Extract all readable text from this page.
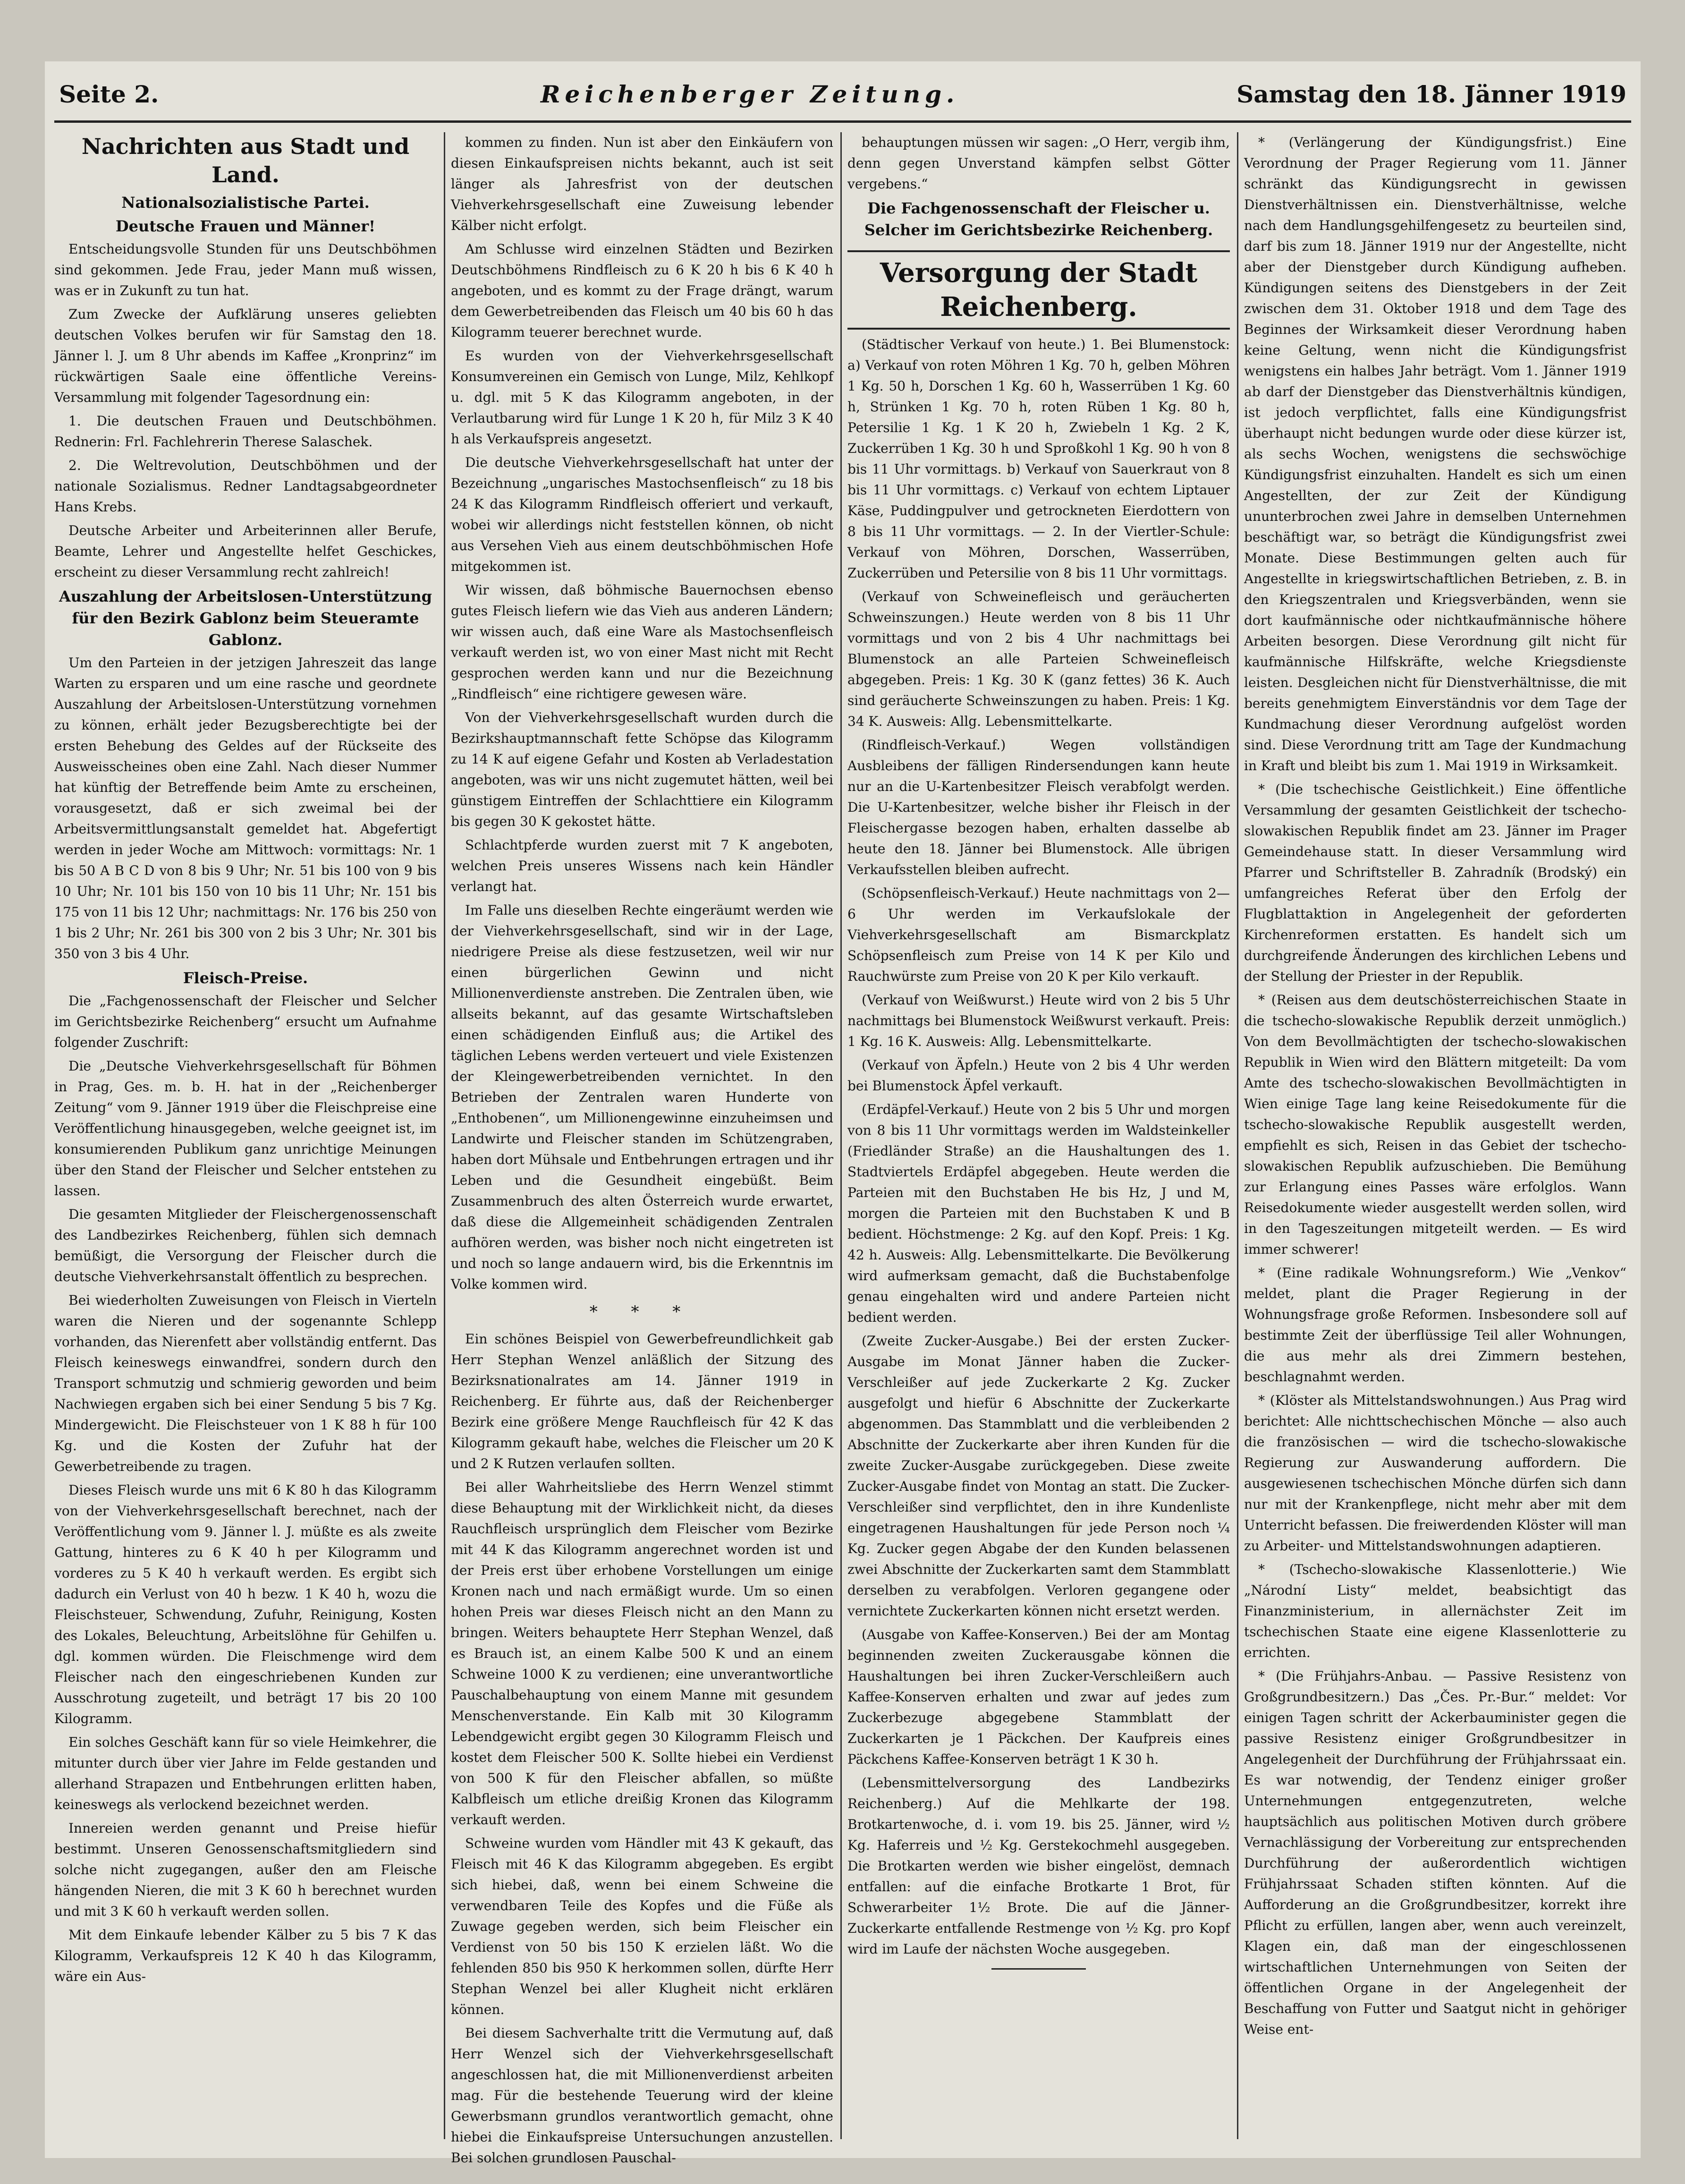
Seite 2.	Reichenberger Zeitung.	Samstag den 18. Jänner 1919
Nachrichten aus Stadt und Land.
Nationalsozialistische Partei.
Deutsche Frauen und Männer!

Entscheidungsvolle Stunden für uns Deutschböhmen sind gekommen. Jede Frau, jeder Mann muß wissen, was er in Zukunft zu tun hat.

Zum Zwecke der Aufklärung unseres geliebten deutschen Volkes berufen wir für Samstag den 18. Jänner l. J. um 8 Uhr abends im Kaffee „Kronprinz“ im rückwärtigen Saale eine öffentliche Vereins-Versammlung mit folgender Tagesordnung ein:

1. Die deutschen Frauen und Deutschböhmen. Rednerin: Frl. Fachlehrerin Therese Salaschek.

2. Die Weltrevolution, Deutschböhmen und der nationale Sozialismus. Redner Landtagsabgeordneter Hans Krebs.

Deutsche Arbeiter und Arbeiterinnen aller Berufe, Beamte, Lehrer und Angestellte helfet Geschickes, erscheint zu dieser Versammlung recht zahlreich!

Auszahlung der Arbeitslosen-Unterstützung für den Bezirk Gablonz beim Steueramte Gablonz.

Um den Parteien in der jetzigen Jahreszeit das lange Warten zu ersparen und um eine rasche und geordnete Auszahlung der Arbeitslosen-Unterstützung vornehmen zu können, erhält jeder Bezugsberechtigte bei der ersten Behebung des Geldes auf der Rückseite des Ausweisscheines oben eine Zahl. Nach dieser Nummer hat künftig der Betreffende beim Amte zu erscheinen, vorausgesetzt, daß er sich zweimal bei der Arbeitsvermittlungsanstalt gemeldet hat. Abgefertigt werden in jeder Woche am Mittwoch: vormittags: Nr. 1 bis 50 A B C D von 8 bis 9 Uhr; Nr. 51 bis 100 von 9 bis 10 Uhr; Nr. 101 bis 150 von 10 bis 11 Uhr; Nr. 151 bis 175 von 11 bis 12 Uhr; nachmittags: Nr. 176 bis 250 von 1 bis 2 Uhr; Nr. 261 bis 300 von 2 bis 3 Uhr; Nr. 301 bis 350 von 3 bis 4 Uhr.

Fleisch-Preise.

Die „Fachgenossenschaft der Fleischer und Selcher im Gerichtsbezirke Reichenberg“ ersucht um Aufnahme folgender Zuschrift:

Die „Deutsche Viehverkehrsgesellschaft für Böhmen in Prag, Ges. m. b. H. hat in der „Reichenberger Zeitung“ vom 9. Jänner 1919 über die Fleischpreise eine Veröffentlichung hinausgegeben, welche geeignet ist, im konsumierenden Publikum ganz unrichtige Meinungen über den Stand der Fleischer und Selcher entstehen zu lassen.

Die gesamten Mitglieder der Fleischergenossenschaft des Landbezirkes Reichenberg, fühlen sich demnach bemüßigt, die Versorgung der Fleischer durch die deutsche Viehverkehrsanstalt öffentlich zu besprechen.

Bei wiederholten Zuweisungen von Fleisch in Vierteln waren die Nieren und der sogenannte Schlepp vorhanden, das Nierenfett aber vollständig entfernt. Das Fleisch keineswegs einwandfrei, sondern durch den Transport schmutzig und schmierig geworden und beim Nachwiegen ergaben sich bei einer Sendung 5 bis 7 Kg. Mindergewicht. Die Fleischsteuer von 1 K 88 h für 100 Kg. und die Kosten der Zufuhr hat der Gewerbetreibende zu tragen.

Dieses Fleisch wurde uns mit 6 K 80 h das Kilogramm von der Viehverkehrsgesellschaft berechnet, nach der Veröffentlichung vom 9. Jänner l. J. müßte es als zweite Gattung, hinteres zu 6 K 40 h per Kilogramm und vorderes zu 5 K 40 h verkauft werden. Es ergibt sich dadurch ein Verlust von 40 h bezw. 1 K 40 h, wozu die Fleischsteuer, Schwendung, Zufuhr, Reinigung, Kosten des Lokales, Beleuchtung, Arbeitslöhne für Gehilfen u. dgl. kommen würden. Die Fleischmenge wird dem Fleischer nach den eingeschriebenen Kunden zur Ausschrotung zugeteilt, und beträgt 17 bis 20 100 Kilogramm.

Ein solches Geschäft kann für so viele Heimkehrer, die mitunter durch über vier Jahre im Felde gestanden und allerhand Strapazen und Entbehrungen erlitten haben, keineswegs als verlockend bezeichnet werden.

Innereien werden genannt und Preise hiefür bestimmt. Unseren Genossenschaftsmitgliedern sind solche nicht zugegangen, außer den am Fleische hängenden Nieren, die mit 3 K 60 h berechnet wurden und mit 3 K 60 h verkauft werden sollen.

Mit dem Einkaufe lebender Kälber zu 5 bis 7 K das Kilogramm, Verkaufspreis 12 K 40 h das Kilogramm, wäre ein Aus-

kommen zu finden. Nun ist aber den Einkäufern von diesen Einkaufspreisen nichts bekannt, auch ist seit länger als Jahresfrist von der deutschen Viehverkehrsgesellschaft eine Zuweisung lebender Kälber nicht erfolgt.

Am Schlusse wird einzelnen Städten und Bezirken Deutschböhmens Rindfleisch zu 6 K 20 h bis 6 K 40 h angeboten, und es kommt zu der Frage drängt, warum dem Gewerbetreibenden das Fleisch um 40 bis 60 h das Kilogramm teuerer berechnet wurde.

Es wurden von der Viehverkehrsgesellschaft Konsumvereinen ein Gemisch von Lunge, Milz, Kehlkopf u. dgl. mit 5 K das Kilogramm angeboten, in der Verlautbarung wird für Lunge 1 K 20 h, für Milz 3 K 40 h als Verkaufspreis angesetzt.

Die deutsche Viehverkehrsgesellschaft hat unter der Bezeichnung „ungarisches Mastochsenfleisch“ zu 18 bis 24 K das Kilogramm Rindfleisch offeriert und verkauft, wobei wir allerdings nicht feststellen können, ob nicht aus Versehen Vieh aus einem deutschböhmischen Hofe mitgekommen ist.

Wir wissen, daß böhmische Bauernochsen ebenso gutes Fleisch liefern wie das Vieh aus anderen Ländern; wir wissen auch, daß eine Ware als Mastochsenfleisch verkauft werden ist, wo von einer Mast nicht mit Recht gesprochen werden kann und nur die Bezeichnung „Rindfleisch“ eine richtigere gewesen wäre.

Von der Viehverkehrsgesellschaft wurden durch die Bezirkshauptmannschaft fette Schöpse das Kilogramm zu 14 K auf eigene Gefahr und Kosten ab Verladestation angeboten, was wir uns nicht zugemutet hätten, weil bei günstigem Eintreffen der Schlachttiere ein Kilogramm bis gegen 30 K gekostet hätte.

Schlachtpferde wurden zuerst mit 7 K angeboten, welchen Preis unseres Wissens nach kein Händler verlangt hat.

Im Falle uns dieselben Rechte eingeräumt werden wie der Viehverkehrsgesellschaft, sind wir in der Lage, niedrigere Preise als diese festzusetzen, weil wir nur einen bürgerlichen Gewinn und nicht Millionenverdienste anstreben. Die Zentralen üben, wie allseits bekannt, auf das gesamte Wirtschaftsleben einen schädigenden Einfluß aus; die Artikel des täglichen Lebens werden verteuert und viele Existenzen der Kleingewerbetreibenden vernichtet. In den Betrieben der Zentralen waren Hunderte von „Enthobenen“, um Millionengewinne einzuheimsen und Landwirte und Fleischer standen im Schützengraben, haben dort Mühsale und Entbehrungen ertragen und ihr Leben und die Gesundheit eingebüßt. Beim Zusammenbruch des alten Österreich wurde erwartet, daß diese die Allgemeinheit schädigenden Zentralen aufhören werden, was bisher noch nicht eingetreten ist und noch so lange andauern wird, bis die Erkenntnis im Volke kommen wird.

* * *

Ein schönes Beispiel von Gewerbefreundlichkeit gab Herr Stephan Wenzel anläßlich der Sitzung des Bezirksnationalrates am 14. Jänner 1919 in Reichenberg. Er führte aus, daß der Reichenberger Bezirk eine größere Menge Rauchfleisch für 42 K das Kilogramm gekauft habe, welches die Fleischer um 20 K und 2 K Rutzen verlaufen sollten.

Bei aller Wahrheitsliebe des Herrn Wenzel stimmt diese Behauptung mit der Wirklichkeit nicht, da dieses Rauchfleisch ursprünglich dem Fleischer vom Bezirke mit 44 K das Kilogramm angerechnet worden ist und der Preis erst über erhobene Vorstellungen um einige Kronen nach und nach ermäßigt wurde. Um so einen hohen Preis war dieses Fleisch nicht an den Mann zu bringen. Weiters behauptete Herr Stephan Wenzel, daß es Brauch ist, an einem Kalbe 500 K und an einem Schweine 1000 K zu verdienen; eine unverantwortliche Pauschalbehauptung von einem Manne mit gesundem Menschenverstande. Ein Kalb mit 30 Kilogramm Lebendgewicht ergibt gegen 30 Kilogramm Fleisch und kostet dem Fleischer 500 K. Sollte hiebei ein Verdienst von 500 K für den Fleischer abfallen, so müßte Kalbfleisch um etliche dreißig Kronen das Kilogramm verkauft werden.

Schweine wurden vom Händler mit 43 K gekauft, das Fleisch mit 46 K das Kilogramm abgegeben. Es ergibt sich hiebei, daß, wenn bei einem Schweine die verwendbaren Teile des Kopfes und die Füße als Zuwage gegeben werden, sich beim Fleischer ein Verdienst von 50 bis 150 K erzielen läßt. Wo die fehlenden 850 bis 950 K herkommen sollen, dürfte Herr Stephan Wenzel bei aller Klugheit nicht erklären können.

Bei diesem Sachverhalte tritt die Vermutung auf, daß Herr Wenzel sich der Viehverkehrsgesellschaft angeschlossen hat, die mit Millionenverdienst arbeiten mag. Für die bestehende Teuerung wird der kleine Gewerbsmann grundlos verantwortlich gemacht, ohne hiebei die Einkaufspreise Untersuchungen anzustellen. Bei solchen grundlosen Pauschal-

behauptungen müssen wir sagen: „O Herr, vergib ihm, denn gegen Unverstand kämpfen selbst Götter vergebens.“

Die Fachgenossenschaft der Fleischer u. Selcher im Gerichtsbezirke Reichenberg.
Versorgung der Stadt Reichenberg.

(Städtischer Verkauf von heute.) 1. Bei Blumenstock: a) Verkauf von roten Möhren 1 Kg. 70 h, gelben Möhren 1 Kg. 50 h, Dorschen 1 Kg. 60 h, Wasserrüben 1 Kg. 60 h, Strünken 1 Kg. 70 h, roten Rüben 1 Kg. 80 h, Petersilie 1 Kg. 1 K 20 h, Zwiebeln 1 Kg. 2 K, Zuckerrüben 1 Kg. 30 h und Sproßkohl 1 Kg. 90 h von 8 bis 11 Uhr vormittags. b) Verkauf von Sauerkraut von 8 bis 11 Uhr vormittags. c) Verkauf von echtem Liptauer Käse, Puddingpulver und getrockneten Eierdottern von 8 bis 11 Uhr vormittags. — 2. In der Viertler-Schule: Verkauf von Möhren, Dorschen, Wasserrüben, Zuckerrüben und Petersilie von 8 bis 11 Uhr vormittags.

(Verkauf von Schweinefleisch und geräucherten Schweinszungen.) Heute werden von 8 bis 11 Uhr vormittags und von 2 bis 4 Uhr nachmittags bei Blumenstock an alle Parteien Schweinefleisch abgegeben. Preis: 1 Kg. 30 K (ganz fettes) 36 K. Auch sind geräucherte Schweinszungen zu haben. Preis: 1 Kg. 34 K. Ausweis: Allg. Lebensmittelkarte.

(Rindfleisch-Verkauf.) Wegen vollständigen Ausbleibens der fälligen Rindersendungen kann heute nur an die U-Kartenbesitzer Fleisch verabfolgt werden. Die U-Kartenbesitzer, welche bisher ihr Fleisch in der Fleischergasse bezogen haben, erhalten dasselbe ab heute den 18. Jänner bei Blumenstock. Alle übrigen Verkaufsstellen bleiben aufrecht.

(Schöpsenfleisch-Verkauf.) Heute nachmittags von 2—6 Uhr werden im Verkaufslokale der Viehverkehrsgesellschaft am Bismarckplatz Schöpsenfleisch zum Preise von 14 K per Kilo und Rauchwürste zum Preise von 20 K per Kilo verkauft.

(Verkauf von Weißwurst.) Heute wird von 2 bis 5 Uhr nachmittags bei Blumenstock Weißwurst verkauft. Preis: 1 Kg. 16 K. Ausweis: Allg. Lebensmittelkarte.

(Verkauf von Äpfeln.) Heute von 2 bis 4 Uhr werden bei Blumenstock Äpfel verkauft.

(Erdäpfel-Verkauf.) Heute von 2 bis 5 Uhr und morgen von 8 bis 11 Uhr vormittags werden im Waldsteinkeller (Friedländer Straße) an die Haushaltungen des 1. Stadtviertels Erdäpfel abgegeben. Heute werden die Parteien mit den Buchstaben He bis Hz, J und M, morgen die Parteien mit den Buchstaben K und B bedient. Höchstmenge: 2 Kg. auf den Kopf. Preis: 1 Kg. 42 h. Ausweis: Allg. Lebensmittelkarte. Die Bevölkerung wird aufmerksam gemacht, daß die Buchstabenfolge genau eingehalten wird und andere Parteien nicht bedient werden.

(Zweite Zucker-Ausgabe.) Bei der ersten Zucker-Ausgabe im Monat Jänner haben die Zucker-Verschleißer auf jede Zuckerkarte 2 Kg. Zucker ausgefolgt und hiefür 6 Abschnitte der Zuckerkarte abgenommen. Das Stammblatt und die verbleibenden 2 Abschnitte der Zuckerkarte aber ihren Kunden für die zweite Zucker-Ausgabe zurückgegeben. Diese zweite Zucker-Ausgabe findet von Montag an statt. Die Zucker-Verschleißer sind verpflichtet, den in ihre Kundenliste eingetragenen Haushaltungen für jede Person noch ¼ Kg. Zucker gegen Abgabe der den Kunden belassenen zwei Abschnitte der Zuckerkarten samt dem Stammblatt derselben zu verabfolgen. Verloren gegangene oder vernichtete Zuckerkarten können nicht ersetzt werden.

(Ausgabe von Kaffee-Konserven.) Bei der am Montag beginnenden zweiten Zuckerausgabe können die Haushaltungen bei ihren Zucker-Verschleißern auch Kaffee-Konserven erhalten und zwar auf jedes zum Zuckerbezuge abgegebene Stammblatt der Zuckerkarten je 1 Päckchen. Der Kaufpreis eines Päckchens Kaffee-Konserven beträgt 1 K 30 h.

(Lebensmittelversorgung des Landbezirks Reichenberg.) Auf die Mehlkarte der 198. Brotkartenwoche, d. i. vom 19. bis 25. Jänner, wird ½ Kg. Haferreis und ½ Kg. Gerstekochmehl ausgegeben. Die Brotkarten werden wie bisher eingelöst, demnach entfallen: auf die einfache Brotkarte 1 Brot, für Schwerarbeiter 1½ Brote. Die auf die Jänner-Zuckerkarte entfallende Restmenge von ½ Kg. pro Kopf wird im Laufe der nächsten Woche ausgegeben.

* (Verlängerung der Kündigungsfrist.) Eine Verordnung der Prager Regierung vom 11. Jänner schränkt das Kündigungsrecht in gewissen Dienstverhältnissen ein. Dienstverhältnisse, welche nach dem Handlungsgehilfengesetz zu beurteilen sind, darf bis zum 18. Jänner 1919 nur der Angestellte, nicht aber der Dienstgeber durch Kündigung aufheben. Kündigungen seitens des Dienstgebers in der Zeit zwischen dem 31. Oktober 1918 und dem Tage des Beginnes der Wirksamkeit dieser Verordnung haben keine Geltung, wenn nicht die Kündigungsfrist wenigstens ein halbes Jahr beträgt. Vom 1. Jänner 1919 ab darf der Dienstgeber das Dienstverhältnis kündigen, ist jedoch verpflichtet, falls eine Kündigungsfrist überhaupt nicht bedungen wurde oder diese kürzer ist, als sechs Wochen, wenigstens die sechswöchige Kündigungsfrist einzuhalten. Handelt es sich um einen Angestellten, der zur Zeit der Kündigung ununterbrochen zwei Jahre in demselben Unternehmen beschäftigt war, so beträgt die Kündigungsfrist zwei Monate. Diese Bestimmungen gelten auch für Angestellte in kriegswirtschaftlichen Betrieben, z. B. in den Kriegszentralen und Kriegsverbänden, wenn sie dort kaufmännische oder nichtkaufmännische höhere Arbeiten besorgen. Diese Verordnung gilt nicht für kaufmännische Hilfskräfte, welche Kriegsdienste leisten. Desgleichen nicht für Dienstverhältnisse, die mit bereits genehmigtem Einverständnis vor dem Tage der Kundmachung dieser Verordnung aufgelöst worden sind. Diese Verordnung tritt am Tage der Kundmachung in Kraft und bleibt bis zum 1. Mai 1919 in Wirksamkeit.

* (Die tschechische Geistlichkeit.) Eine öffentliche Versammlung der gesamten Geistlichkeit der tschecho-slowakischen Republik findet am 23. Jänner im Prager Gemeindehause statt. In dieser Versammlung wird Pfarrer und Schriftsteller B. Zahradník (Brodský) ein umfangreiches Referat über den Erfolg der Flugblattaktion in Angelegenheit der geforderten Kirchenreformen erstatten. Es handelt sich um durchgreifende Änderungen des kirchlichen Lebens und der Stellung der Priester in der Republik.

* (Reisen aus dem deutschösterreichischen Staate in die tschecho-slowakische Republik derzeit unmöglich.) Von dem Bevollmächtigten der tschecho-slowakischen Republik in Wien wird den Blättern mitgeteilt: Da vom Amte des tschecho-slowakischen Bevollmächtigten in Wien einige Tage lang keine Reisedokumente für die tschecho-slowakische Republik ausgestellt werden, empfiehlt es sich, Reisen in das Gebiet der tschecho-slowakischen Republik aufzuschieben. Die Bemühung zur Erlangung eines Passes wäre erfolglos. Wann Reisedokumente wieder ausgestellt werden sollen, wird in den Tageszeitungen mitgeteilt werden. — Es wird immer schwerer!

* (Eine radikale Wohnungsreform.) Wie „Venkov“ meldet, plant die Prager Regierung in der Wohnungsfrage große Reformen. Insbesondere soll auf bestimmte Zeit der überflüssige Teil aller Wohnungen, die aus mehr als drei Zimmern bestehen, beschlagnahmt werden.

* (Klöster als Mittelstandswohnungen.) Aus Prag wird berichtet: Alle nichttschechischen Mönche — also auch die französischen — wird die tschecho-slowakische Regierung zur Auswanderung auffordern. Die ausgewiesenen tschechischen Mönche dürfen sich dann nur mit der Krankenpflege, nicht mehr aber mit dem Unterricht befassen. Die freiwerdenden Klöster will man zu Arbeiter- und Mittelstandswohnungen adaptieren.

* (Tschecho-slowakische Klassenlotterie.) Wie „Národní Listy“ meldet, beabsichtigt das Finanzministerium, in allernächster Zeit im tschechischen Staate eine eigene Klassenlotterie zu errichten.

* (Die Frühjahrs-Anbau. — Passive Resistenz von Großgrundbesitzern.) Das „Čes. Pr.-Bur.“ meldet: Vor einigen Tagen schritt der Ackerbauminister gegen die passive Resistenz einiger Großgrundbesitzer in Angelegenheit der Durchführung der Frühjahrssaat ein. Es war notwendig, der Tendenz einiger großer Unternehmungen entgegenzutreten, welche hauptsächlich aus politischen Motiven durch gröbere Vernachlässigung der Vorbereitung zur entsprechenden Durchführung der außerordentlich wichtigen Frühjahrssaat Schaden stiften könnten. Auf die Aufforderung an die Großgrundbesitzer, korrekt ihre Pflicht zu erfüllen, langen aber, wenn auch vereinzelt, Klagen ein, daß man der eingeschlossenen wirtschaftlichen Unternehmungen von Seiten der öffentlichen Organe in der Angelegenheit der Beschaffung von Futter und Saatgut nicht in gehöriger Weise ent-
